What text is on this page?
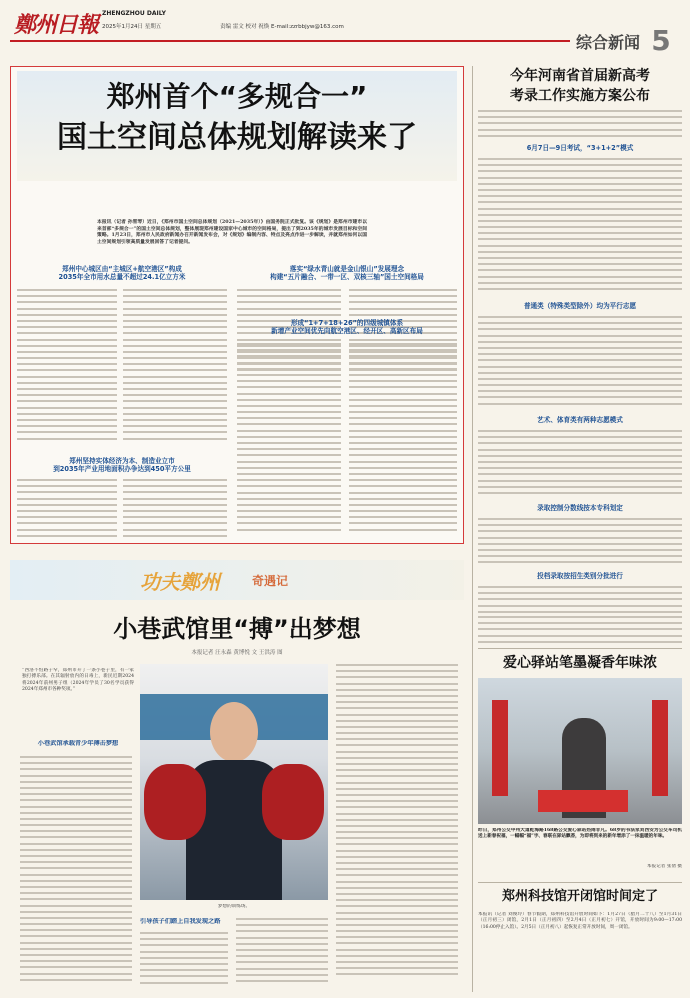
鄭州日報 ZHENGZHOU DAILY
2025年1月24日 星期五	责编 雷文 校对 祝焕 E-mail:zzrbbjyw@163.com
综合新闻 5
郑州首个“多规合一”
国土空间总体规划解读来了
本报讯（记者 孙雪琴）近日，《郑州市国土空间总体规划（2021—2035年）》由国务院正式批复。该《规划》是郑州市建市以来首部“多规合一”的国土空间总体规划，整体展现郑州建设国家中心城市的空间格局，提出了到2035年的城市发展目标和空间策略。1月23日，郑州市人民政府新闻办召开新闻发布会，对《规划》编制内容、特点及亮点作进一步解读，并就郑州如何以国土空间规划引领高质量发展回答了记者提问。
郑州中心城区由“主城区+航空港区”构成
2035年全市用水总量不超过24.1亿立方米
落实“绿水青山就是金山银山”发展理念
构建“五片融合、一带一区、双核三轴”国土空间格局
郑州坚持实体经济为本、制造业立市
到2035年产业用地面积办争达到450平方公里
形成“1+7+18+26”的四级城镇体系
新增产业空间优先向航空港区、经开区、高新区布局
功夫鄭州	奇遇记
小巷武馆里“搏”出梦想
本报记者 汪永森 黄博悦 文 王洪涛 图
“西洛不怕路子窄，郑州市开了一条小巷子里，有一家独打搏乐部。在其辐射放内的日毒上，新民近期2024将2024年前州男子组（2024年学员了30名学员获得2024年郑州市各种奖项。”
小巷武馆承载青少年搏击梦想
梦想的训练场。
引导孩子们踏上自我发现之路
今年河南省首届新高考
考录工作实施方案公布
6月7日—9日考试，“3+1+2”模式
普通类（特殊类型除外）均为平行志愿
艺术、体育类有两种志愿模式
录取控制分数线按本专科划定
投档录取按招生类别分批进行
爱心驿站笔墨凝香年味浓
昨日，郑州公交中州大道乾海路168路公交爱心驿站热闹非凡。68岁的书法家刘西安为公交车司机送上新春祝福，一幅幅“福”字、春联在驿站飘香，为即将到来的新年增添了一抹温暖的年味。
本报记者 张倩 摄
郑州科技馆开闭馆时间定了
本报讯（记者 刘俊玲）春节假期，郑州科技馆开放时间如下：1月27日（腊月二十八）至1月31日（正月初三）闭馆，2月1日（正月初四）至2月4日（正月初七）开馆，开放时间为9:00—17:00（16:00停止入馆）。2月5日（正月初八）起恢复正常开放时间，周一闭馆。
